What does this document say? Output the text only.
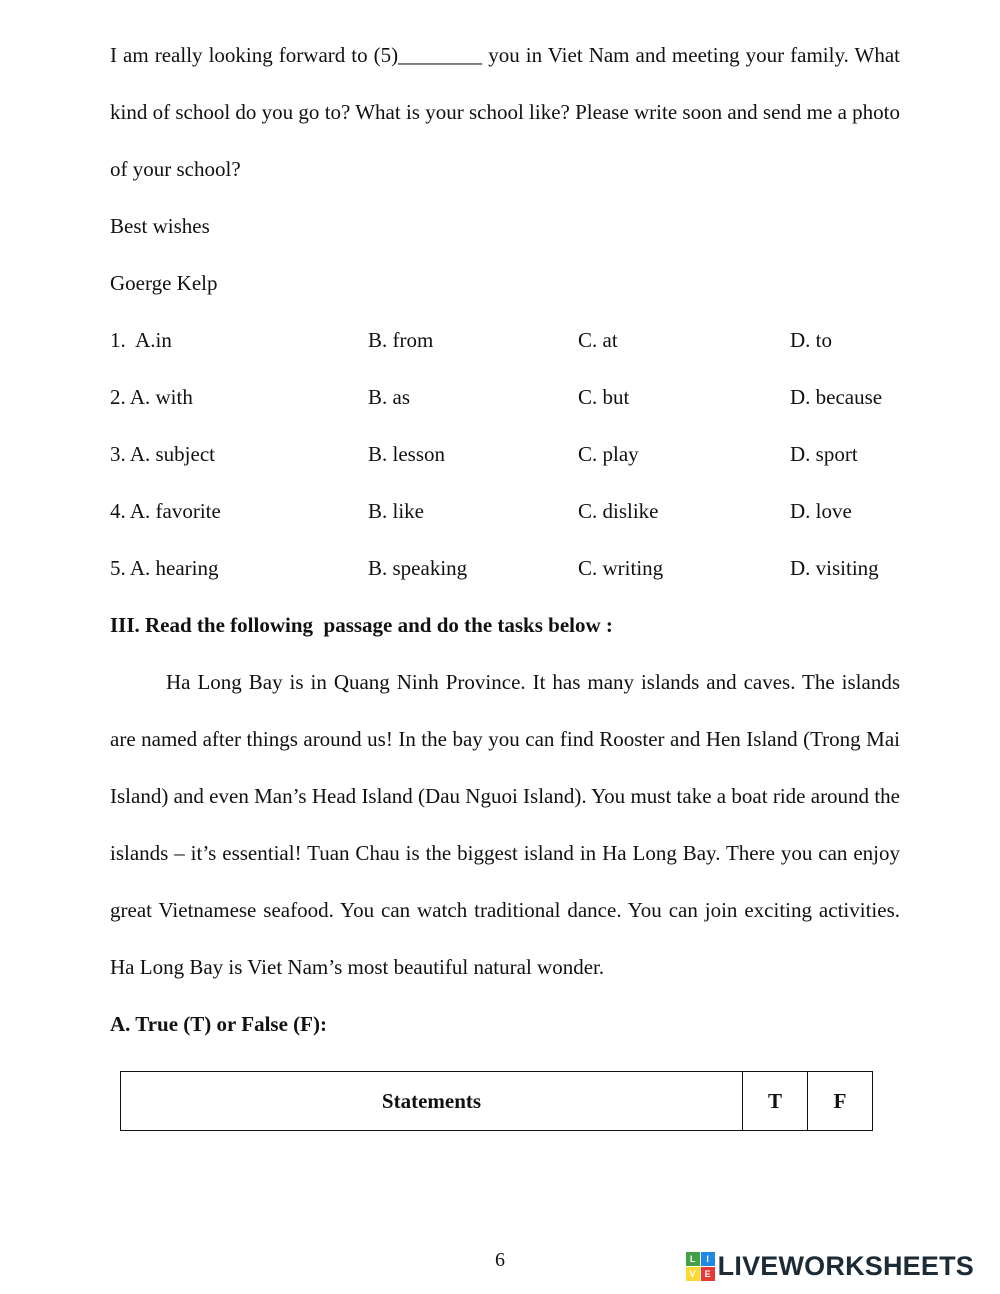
I am really looking forward to (5)________ you in Viet Nam and meeting your family. What kind of school do you go to? What is your school like? Please write soon and send me a photo of your school?

Best wishes

Goerge Kelp

1.  A.in	B. from	C. at	D. to
2. A. with	B. as	C. but	D. because
3. A. subject	B. lesson	C. play	D. sport
4. A. favorite	B. like	C. dislike	D. love
5. A. hearing	B. speaking	C. writing	D. visiting

III. Read the following  passage and do the tasks below :

Ha Long Bay is in Quang Ninh Province. It has many islands and caves. The islands are named after things around us! In the bay you can find Rooster and Hen Island (Trong Mai Island) and even Man’s Head Island (Dau Nguoi Island). You must take a boat ride around the islands – it’s essential! Tuan Chau is the biggest island in Ha Long Bay. There you can enjoy great Vietnamese seafood. You can watch traditional dance. You can join exciting activities. Ha Long Bay is Viet Nam’s most beautiful natural wonder.

A. True (T) or False (F):

Statements	T	F
6	L	I
V E LIVEWORKSHEETS
